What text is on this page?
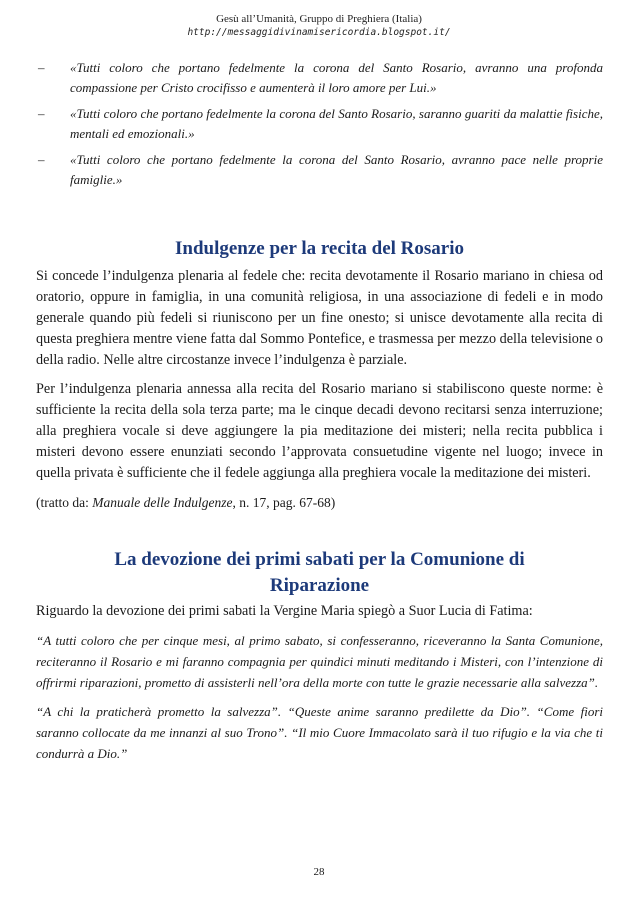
Gesù all’Umanità, Gruppo di Preghiera (Italia)
http://messaggidivinamisericordia.blogspot.it/
– «Tutti coloro che portano fedelmente la corona del Santo Rosario, avranno una profonda compassione per Cristo crocifisso e aumenterà il loro amore per Lui.»
– «Tutti coloro che portano fedelmente la corona del Santo Rosario, saranno guariti da malattie fisiche, mentali ed emozionali.»
– «Tutti coloro che portano fedelmente la corona del Santo Rosario, avranno pace nelle proprie famiglie.»
Indulgenze per la recita del Rosario

Si concede l’indulgenza plenaria al fedele che: recita devotamente il Rosario mariano in chiesa od oratorio, oppure in famiglia, in una comunità religiosa, in una associazione di fedeli e in modo generale quando più fedeli si riuniscono per un fine onesto; si unisce devotamente alla recita di questa preghiera mentre viene fatta dal Sommo Pontefice, e trasmessa per mezzo della televisione o della radio. Nelle altre circostanze invece l’indulgenza è parziale.

Per l’indulgenza plenaria annessa alla recita del Rosario mariano si stabiliscono queste norme: è sufficiente la recita della sola terza parte; ma le cinque decadi devono recitarsi senza interruzione; alla preghiera vocale si deve aggiungere la pia meditazione dei misteri; nella recita pubblica i misteri devono essere enunziati secondo l’approvata consuetudine vigente nel luogo; invece in quella privata è sufficiente che il fedele aggiunga alla preghiera vocale la meditazione dei misteri.

(tratto da: Manuale delle Indulgenze, n. 17, pag. 67-68)

La devozione dei primi sabati per la Comunione di Riparazione

Riguardo la devozione dei primi sabati la Vergine Maria spiegò a Suor Lucia di Fatima:

“A tutti coloro che per cinque mesi, al primo sabato, si confesseranno, riceveranno la Santa Comunione, reciteranno il Rosario e mi faranno compagnia per quindici minuti meditando i Misteri, con l’intenzione di offrirmi riparazioni, prometto di assisterli nell’ora della morte con tutte le grazie necessarie alla salvezza”.

“A chi la praticherà prometto la salvezza”. “Queste anime saranno predilette da Dio”. “Come fiori saranno collocate da me innanzi al suo Trono”. “Il mio Cuore Immacolato sarà il tuo rifugio e la via che ti condurrà a Dio.”

28
